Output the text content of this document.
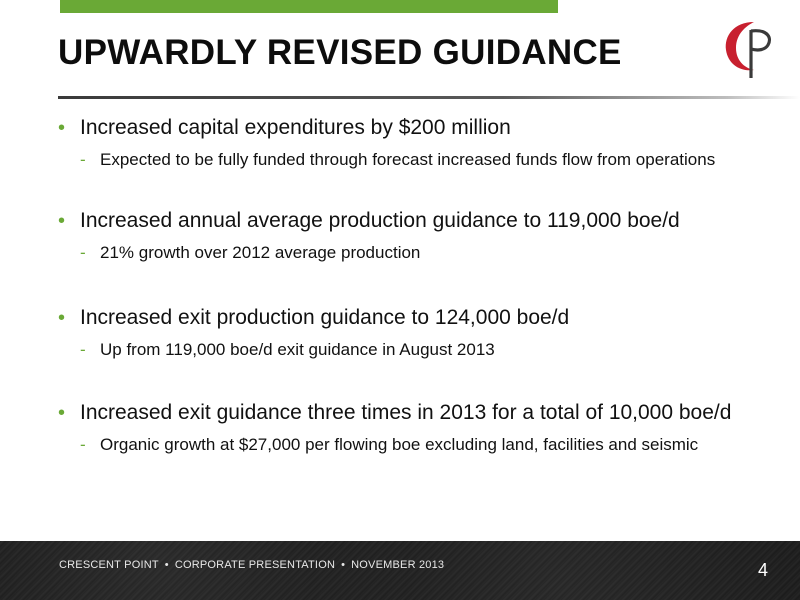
UPWARDLY REVISED GUIDANCE
• Increased capital expenditures by $200 million
- Expected to be fully funded through forecast increased funds flow from operations
• Increased annual average production guidance to 119,000 boe/d
- 21% growth over 2012 average production
• Increased exit production guidance to 124,000 boe/d
- Up from 119,000 boe/d exit guidance in August 2013
• Increased exit guidance three times in 2013 for a total of 10,000 boe/d
- Organic growth at $27,000 per flowing boe excluding land, facilities and seismic
CRESCENT POINT • CORPORATE PRESENTATION • NOVEMBER 2013	4
